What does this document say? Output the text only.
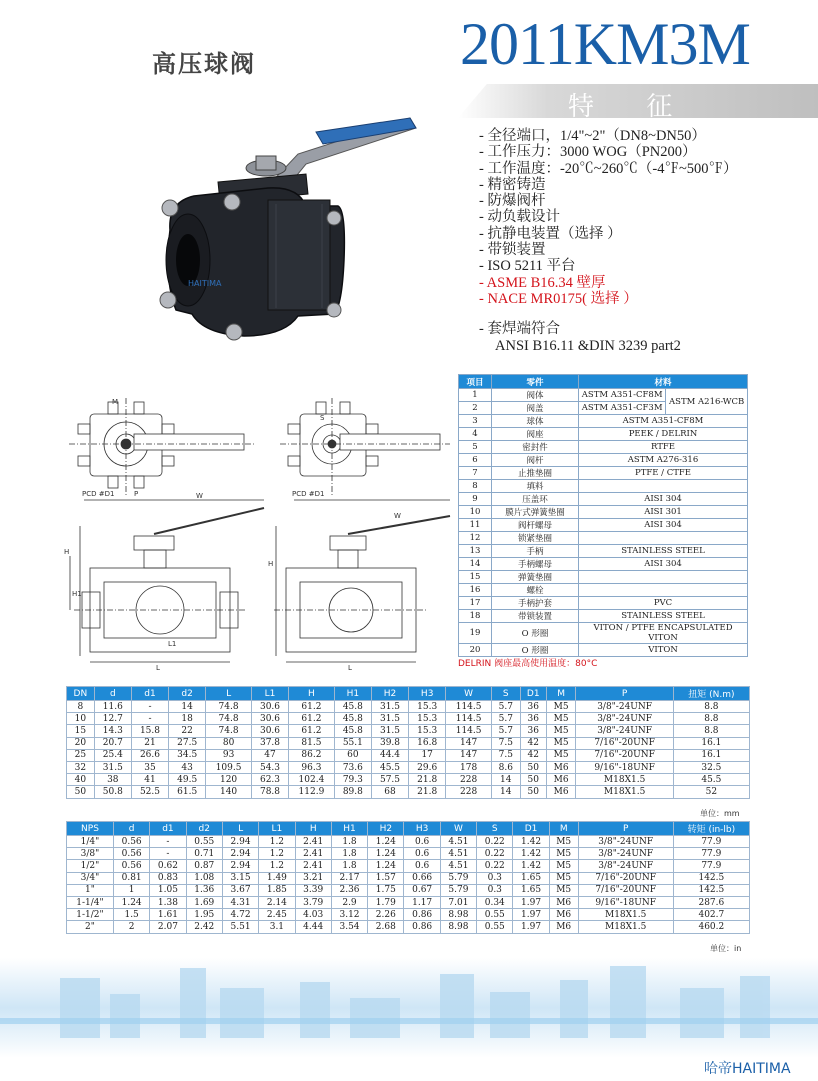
高压球阀	2011KM3M
特 征
- 全径端口，1/4"~2"（DN8~DN50）
- 工作压力：3000 WOG（PN200）
- 工作温度：-20℃~260℃（-4℉~500℉）
- 精密铸造
- 防爆阀杆
- 动负载设计
- 抗静电装置（选择 ）
- 带锁装置
- ISO 5211 平台
- ASME B16.34 壁厚
- NACE MR0175( 选择 ）
- 套焊端符合
ANSI B16.11 &DIN 3239 part2
HAITIMA
PCD #D1	PCD #D1
W
W
H
H
H1
L	L
L1
M
P
S
项目	零件	材料	
1	阀体	ASTM A351-CF8M	ASTM A216-WCB
2	阀盖	ASTM A351-CF3M	
3	球体	ASTM A351-CF8M	
4	阀座	PEEK / DELRIN	
5	密封件	RTFE	
6	阀杆	ASTM A276-316	
7	止推垫圈	PTFE / CTFE	
8	填料		
9	压盖环	AISI 304	
10	膜片式弹簧垫圈	AISI 301	
11	阀杆螺母	AISI 304	
12	锁紧垫圈		
13	手柄	STAINLESS STEEL	
14	手柄螺母	AISI 304	
15	弹簧垫圈		
16	螺栓		
17	手柄护套	PVC	
18	带锁装置	STAINLESS STEEL	
19	O 形圈	VITON / PTFE ENCAPSULATED
VITON	
20	O 形圈	VITON	
DELRIN 阀座最高使用温度：80°C
DN	d	d1	d2	L	L1	H	H1	H2	H3	W	S	D1	M	P	扭矩 (N.m)
8	11.6	-	14	74.8	30.6	61.2	45.8	31.5	15.3	114.5	5.7	36	M5	3/8"-24UNF	8.8
10	12.7	-	18	74.8	30.6	61.2	45.8	31.5	15.3	114.5	5.7	36	M5	3/8"-24UNF	8.8
15	14.3	15.8	22	74.8	30.6	61.2	45.8	31.5	15.3	114.5	5.7	36	M5	3/8"-24UNF	8.8
20	20.7	21	27.5	80	37.8	81.5	55.1	39.8	16.8	147	7.5	42	M5	7/16"-20UNF	16.1
25	25.4	26.6	34.5	93	47	86.2	60	44.4	17	147	7.5	42	M5	7/16"-20UNF	16.1
32	31.5	35	43	109.5	54.3	96.3	73.6	45.5	29.6	178	8.6	50	M6	9/16"-18UNF	32.5
40	38	41	49.5	120	62.3	102.4	79.3	57.5	21.8	228	14	50	M6	M18X1.5	45.5
50	50.8	52.5	61.5	140	78.8	112.9	89.8	68	21.8	228	14	50	M6	M18X1.5	52
单位：mm
NPS	d	d1	d2	L	L1	H	H1	H2	H3	W	S	D1	M	P	转矩 (in-lb)
1/4"	0.56	-	0.55	2.94	1.2	2.41	1.8	1.24	0.6	4.51	0.22	1.42	M5	3/8"-24UNF	77.9
3/8"	0.56	-	0.71	2.94	1.2	2.41	1.8	1.24	0.6	4.51	0.22	1.42	M5	3/8"-24UNF	77.9
1/2"	0.56	0.62	0.87	2.94	1.2	2.41	1.8	1.24	0.6	4.51	0.22	1.42	M5	3/8"-24UNF	77.9
3/4"	0.81	0.83	1.08	3.15	1.49	3.21	2.17	1.57	0.66	5.79	0.3	1.65	M5	7/16"-20UNF	142.5
1"	1	1.05	1.36	3.67	1.85	3.39	2.36	1.75	0.67	5.79	0.3	1.65	M5	7/16"-20UNF	142.5
1-1/4"	1.24	1.38	1.69	4.31	2.14	3.79	2.9	1.79	1.17	7.01	0.34	1.97	M6	9/16"-18UNF	287.6
1-1/2"	1.5	1.61	1.95	4.72	2.45	4.03	3.12	2.26	0.86	8.98	0.55	1.97	M6	M18X1.5	402.7
2"	2	2.07	2.42	5.51	3.1	4.44	3.54	2.68	0.86	8.98	0.55	1.97	M6	M18X1.5	460.2
单位：in
哈帝HAITIMA
